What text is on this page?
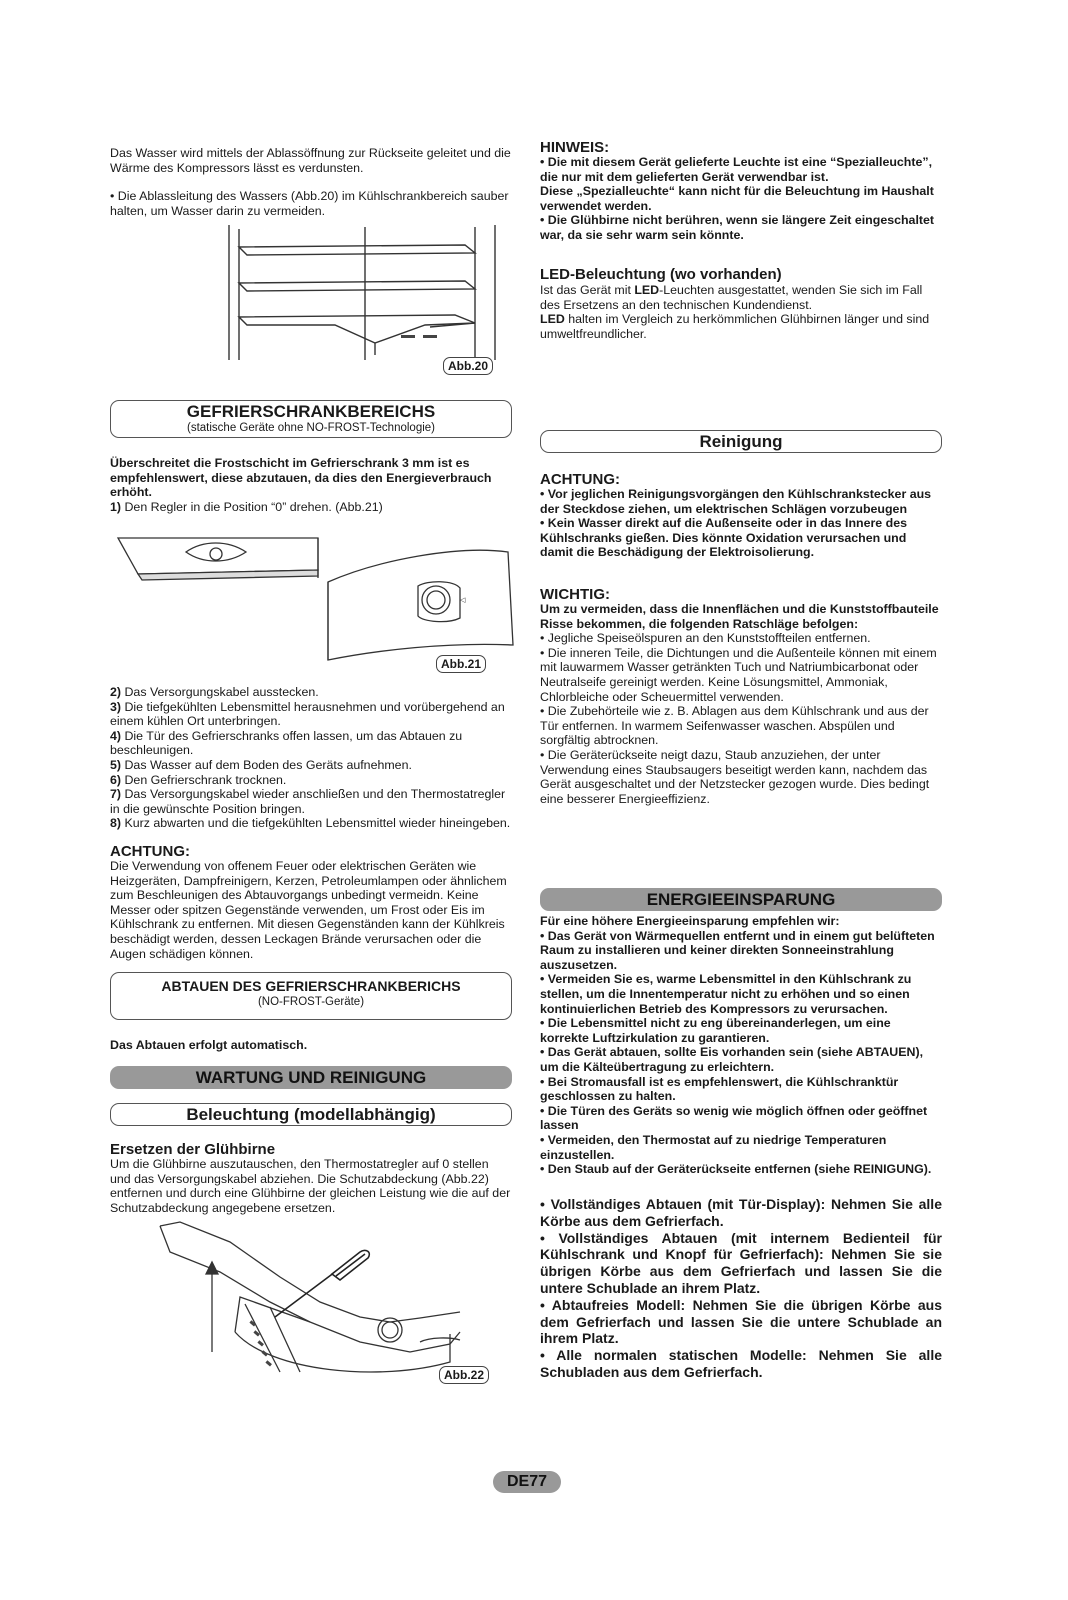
Das Wasser wird mittels der Ablassöffnung zur Rückseite geleitet und die Wärme des Kompressors lässt es verdunsten.

• Die Ablassleitung des Wassers (Abb.20) im Kühlschrankbereich sauber halten, um Wasser darin zu vermeiden.

Abb.20
GEFRIERSCHRANKBEREICHS
(statische Geräte ohne NO-FROST-Technologie)

Überschreitet die Frostschicht im Gefrierschrank 3 mm ist es empfehlenswert, diese abzutauen, da dies den Energieverbrauch erhöht.

1) Den Regler in die Position “0” drehen. (Abb.21)

◁
Abb.21

2) Das Versorgungskabel ausstecken.

3) Die tiefgekühlten Lebensmittel herausnehmen und vorübergehend an einem kühlen Ort unterbringen.

4) Die Tür des Gefrierschranks offen lassen, um das Abtauen zu beschleunigen.

5) Das Wasser auf dem Boden des Geräts aufnehmen.

6) Den Gefrierschrank trocknen.

7) Das Versorgungskabel wieder anschließen und den Thermostatregler in die gewünschte Position bringen.

8) Kurz abwarten und die tiefgekühlten Lebensmittel wieder hineingeben.

ACHTUNG:

Die Verwendung von offenem Feuer oder elektrischen Geräten wie Heizgeräten, Dampfreinigern, Kerzen, Petroleumlampen oder ähnlichem zum Beschleunigen des Abtauvorgangs unbedingt vermeidn. Keine Messer oder spitzen Gegenstände verwenden, um Frost oder Eis im Kühlschrank zu entfernen. Mit diesen Gegenständen kann der Kühlkreis beschädigt werden, dessen Leckagen Brände verursachen oder die Augen schädigen können.

ABTAUEN DES GEFRIERSCHRANKBERICHS
(NO-FROST-Geräte)

Das Abtauen erfolgt automatisch.

WARTUNG UND REINIGUNG
Beleuchtung (modellabhängig)
Ersetzen der Glühbirne

Um die Glühbirne auszutauschen, den Thermostatregler auf 0 stellen und das Versorgungskabel abziehen. Die Schutzabdeckung (Abb.22) entfernen und durch eine Glühbirne der gleichen Leistung wie die auf der Schutzabdeckung angegebene ersetzen.

Abb.22
HINWEIS:

• Die mit diesem Gerät gelieferte Leuchte ist eine “Spezialleuchte”, die nur mit dem gelieferten Gerät verwendbar ist.

Diese „Spezialleuchte“ kann nicht für die Beleuchtung im Haushalt verwendet werden.

• Die Glühbirne nicht berühren, wenn sie längere Zeit eingeschaltet war, da sie sehr warm sein könnte.

LED-Beleuchtung (wo vorhanden)

Ist das Gerät mit LED-Leuchten ausgestattet, wenden Sie sich im Fall des Ersetzens an den technischen Kundendienst.

LED halten im Vergleich zu herkömmlichen Glühbirnen länger und sind umweltfreundlicher.

Reinigung
ACHTUNG:

• Vor jeglichen Reinigungsvorgängen den Kühlschrankstecker aus der Steckdose ziehen, um elektrischen Schlägen vorzubeugen

• Kein Wasser direkt auf die Außenseite oder in das Innere des Kühlschranks gießen. Dies könnte Oxidation verursachen und damit die Beschädigung der Elektroisolierung.

WICHTIG:

Um zu vermeiden, dass die Innenflächen und die Kunststoffbauteile Risse bekommen, die folgenden Ratschläge befolgen:

• Jegliche Speiseölspuren an den Kunststoffteilen entfernen.

• Die inneren Teile, die Dichtungen und die Außenteile können mit einem mit lauwarmem Wasser getränkten Tuch und Natriumbicarbonat oder Neutralseife gereinigt werden. Keine Lösungsmittel, Ammoniak, Chlorbleiche oder Scheuermittel verwenden.

• Die Zubehörteile wie z. B. Ablagen aus dem Kühlschrank und aus der Tür entfernen. In warmem Seifenwasser waschen. Abspülen und sorgfältig abtrocknen.

• Die Geräterückseite neigt dazu, Staub anzuziehen, der unter Verwendung eines Staubsaugers beseitigt werden kann, nachdem das Gerät ausgeschaltet und der Netzstecker gezogen wurde. Dies bedingt eine besserer Energieeffizienz.

ENERGIEEINSPARUNG

Für eine höhere Energieeinsparung empfehlen wir:

• Das Gerät von Wärmequellen entfernt und in einem gut belüfteten Raum zu installieren und keiner direkten Sonneeinstrahlung auszusetzen.

• Vermeiden Sie es, warme Lebensmittel in den Kühlschrank zu stellen, um die Innentemperatur nicht zu erhöhen und so einen kontinuierlichen Betrieb des Kompressors zu verursachen.

• Die Lebensmittel nicht zu eng übereinanderlegen, um eine korrekte Luftzirkulation zu garantieren.

• Das Gerät abtauen, sollte Eis vorhanden sein (siehe ABTAUEN), um die Kälteübertragung zu erleichtern.

• Bei Stromausfall ist es empfehlenswert, die Kühlschranktür geschlossen zu halten.

• Die Türen des Geräts so wenig wie möglich öffnen oder geöffnet lassen

• Vermeiden, den Thermostat auf zu niedrige Temperaturen einzustellen.

• Den Staub auf der Geräterückseite entfernen (siehe REINIGUNG).

• Vollständiges Abtauen (mit Tür-Display): Nehmen Sie alle Körbe aus dem Gefrierfach.

• Vollständiges Abtauen (mit internem Bedienteil für Kühlschrank und Knopf für Gefrierfach): Nehmen Sie sie übrigen Körbe aus dem Gefrierfach und lassen Sie die untere Schublade an ihrem Platz.

• Abtaufreies Modell: Nehmen Sie die übrigen Körbe aus dem Gefrierfach und lassen Sie die untere Schublade an ihrem Platz.

• Alle normalen statischen Modelle: Nehmen Sie alle Schubladen aus dem Gefrierfach.

DE77
